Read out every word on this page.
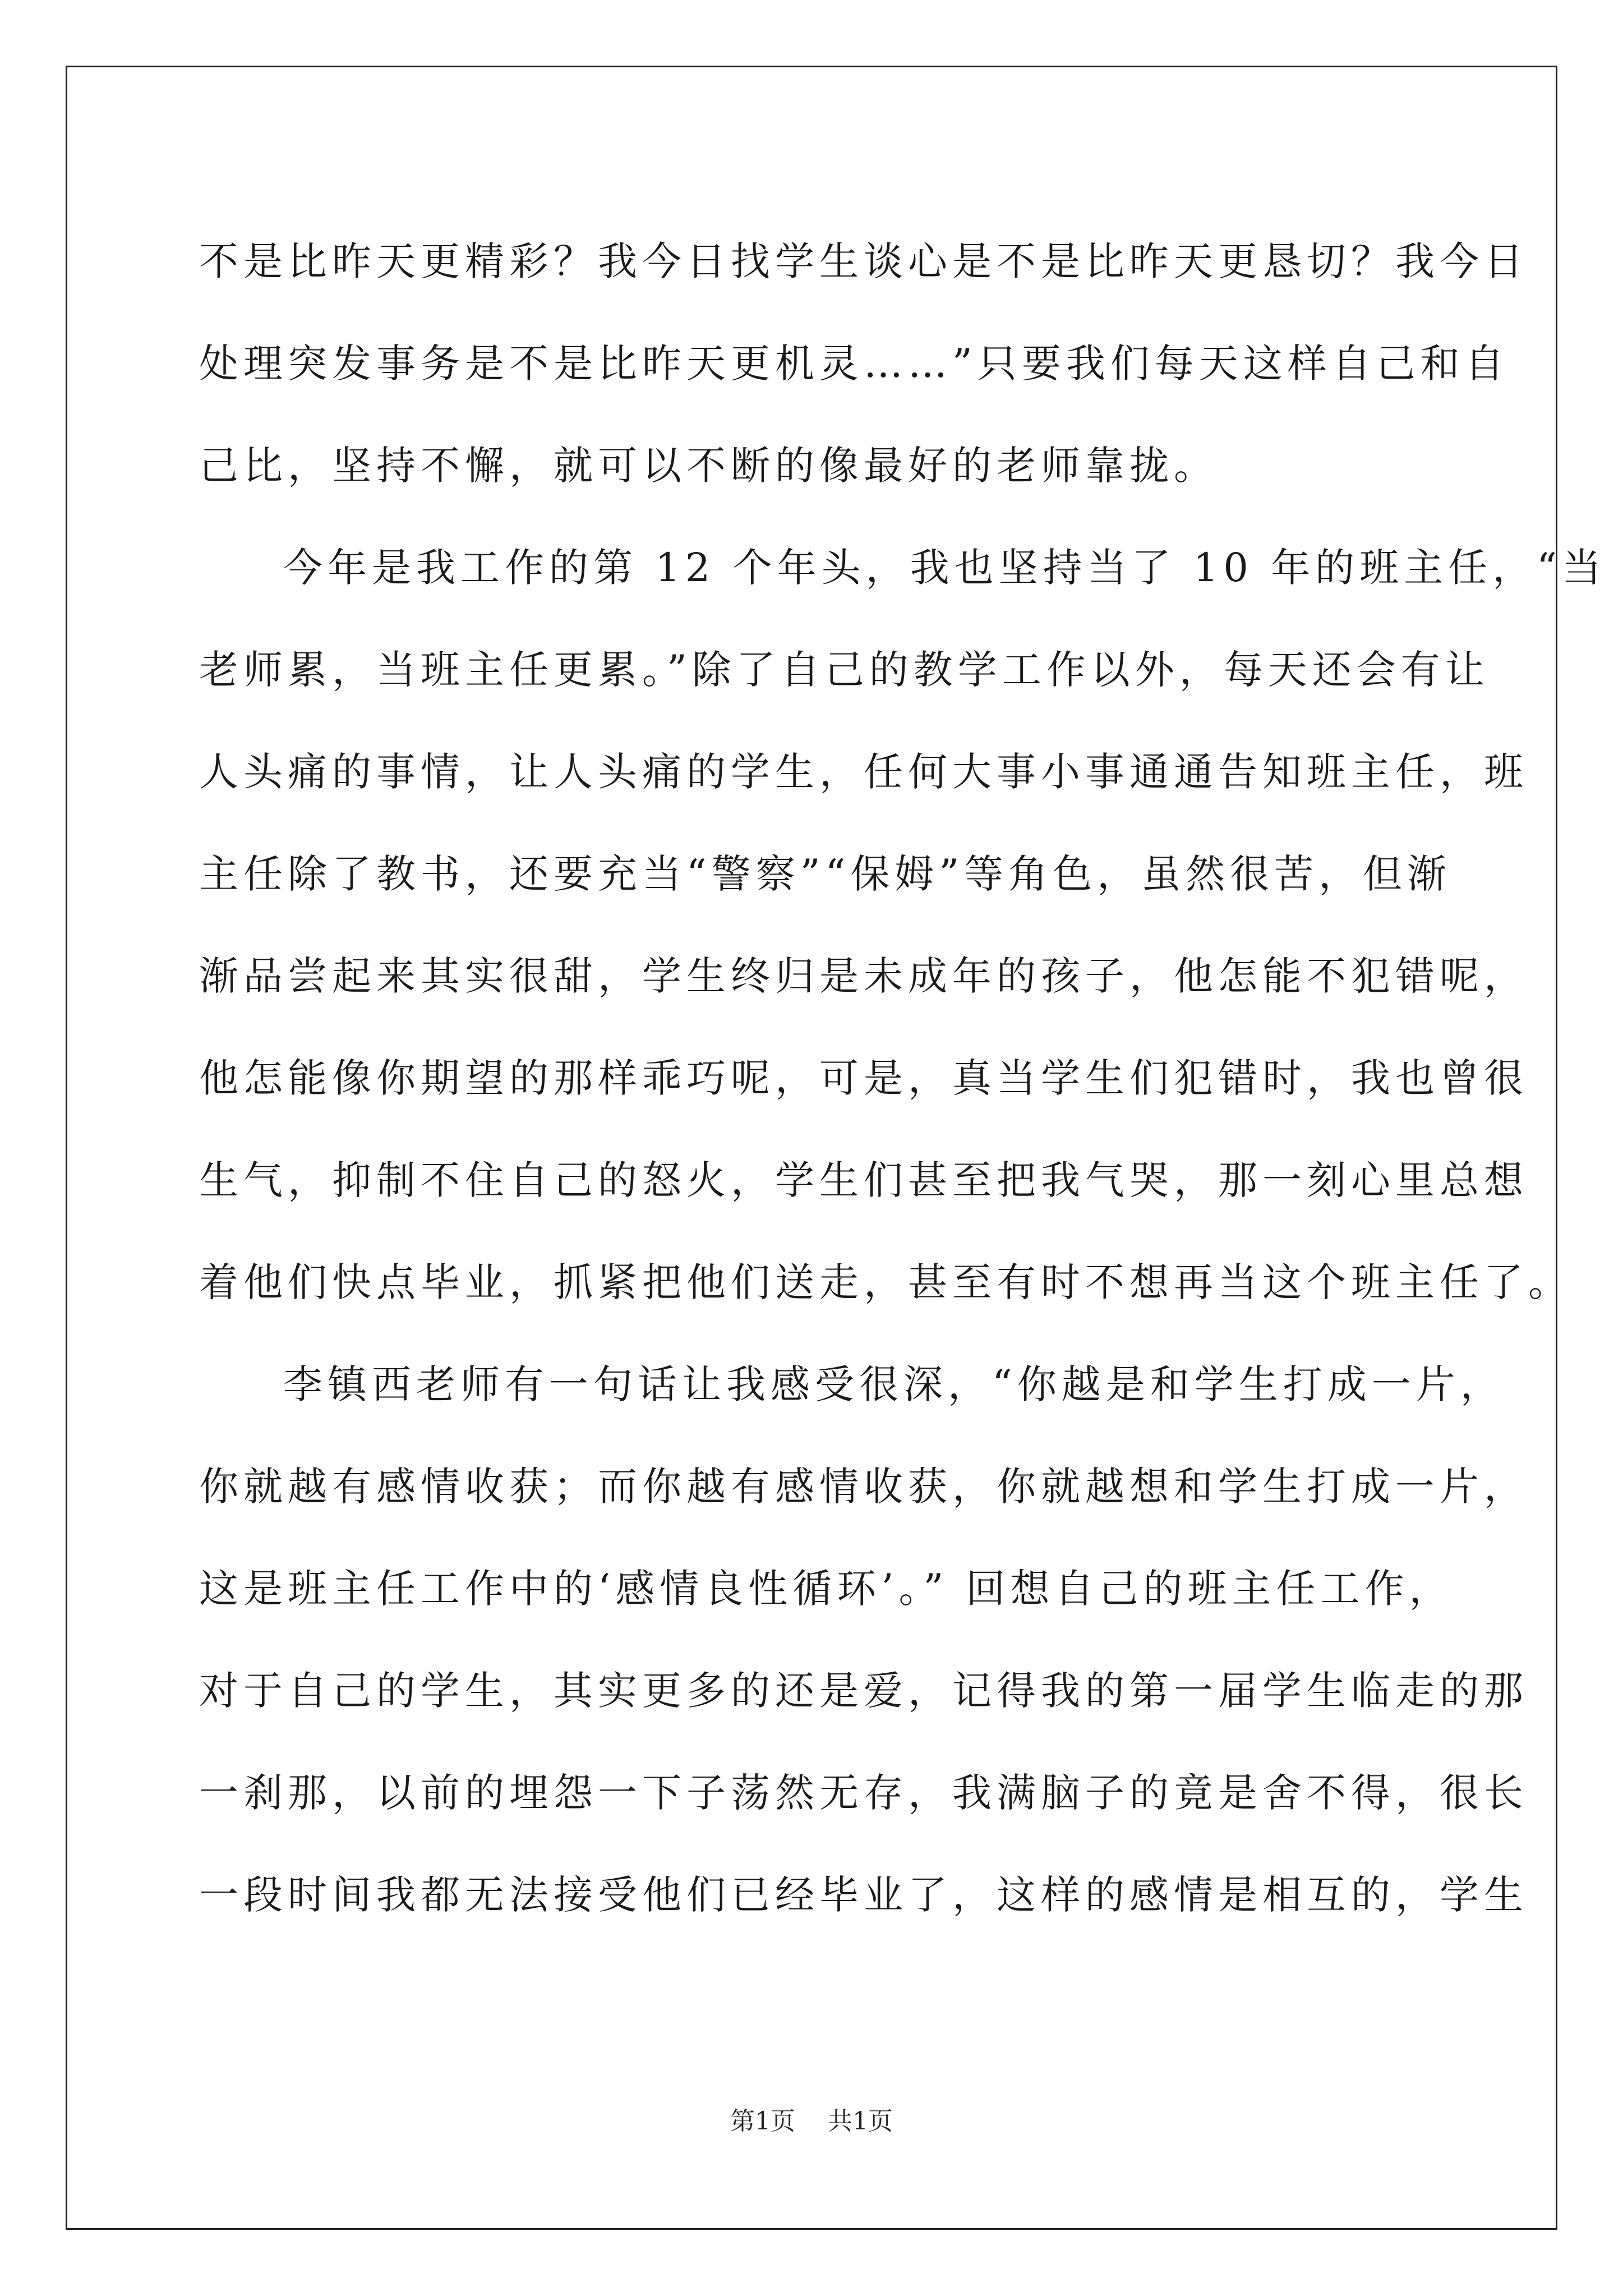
不是比昨天更精彩？我今日找学生谈心是不是比昨天更恳切？我今日
处理突发事务是不是比昨天更机灵……”只要我们每天这样自己和自
己比，坚持不懈，就可以不断的像最好的老师靠拢。
今年是我工作的第 12 个年头，我也坚持当了 10 年的班主任，“当
老师累，当班主任更累。”除了自己的教学工作以外，每天还会有让
人头痛的事情，让人头痛的学生，任何大事小事通通告知班主任，班
主任除了教书，还要充当“警察”“保姆”等角色，虽然很苦，但渐
渐品尝起来其实很甜，学生终归是未成年的孩子，他怎能不犯错呢，
他怎能像你期望的那样乖巧呢，可是，真当学生们犯错时，我也曾很
生气，抑制不住自己的怒火，学生们甚至把我气哭，那一刻心里总想
着他们快点毕业，抓紧把他们送走，甚至有时不想再当这个班主任了。
李镇西老师有一句话让我感受很深，“你越是和学生打成一片，
你就越有感情收获；而你越有感情收获，你就越想和学生打成一片，
这是班主任工作中的‘感情良性循环’。” 回想自己的班主任工作，
对于自己的学生，其实更多的还是爱，记得我的第一届学生临走的那
一刹那，以前的埋怨一下子荡然无存，我满脑子的竟是舍不得，很长
一段时间我都无法接受他们已经毕业了，这样的感情是相互的，学生
第1页 共1页
